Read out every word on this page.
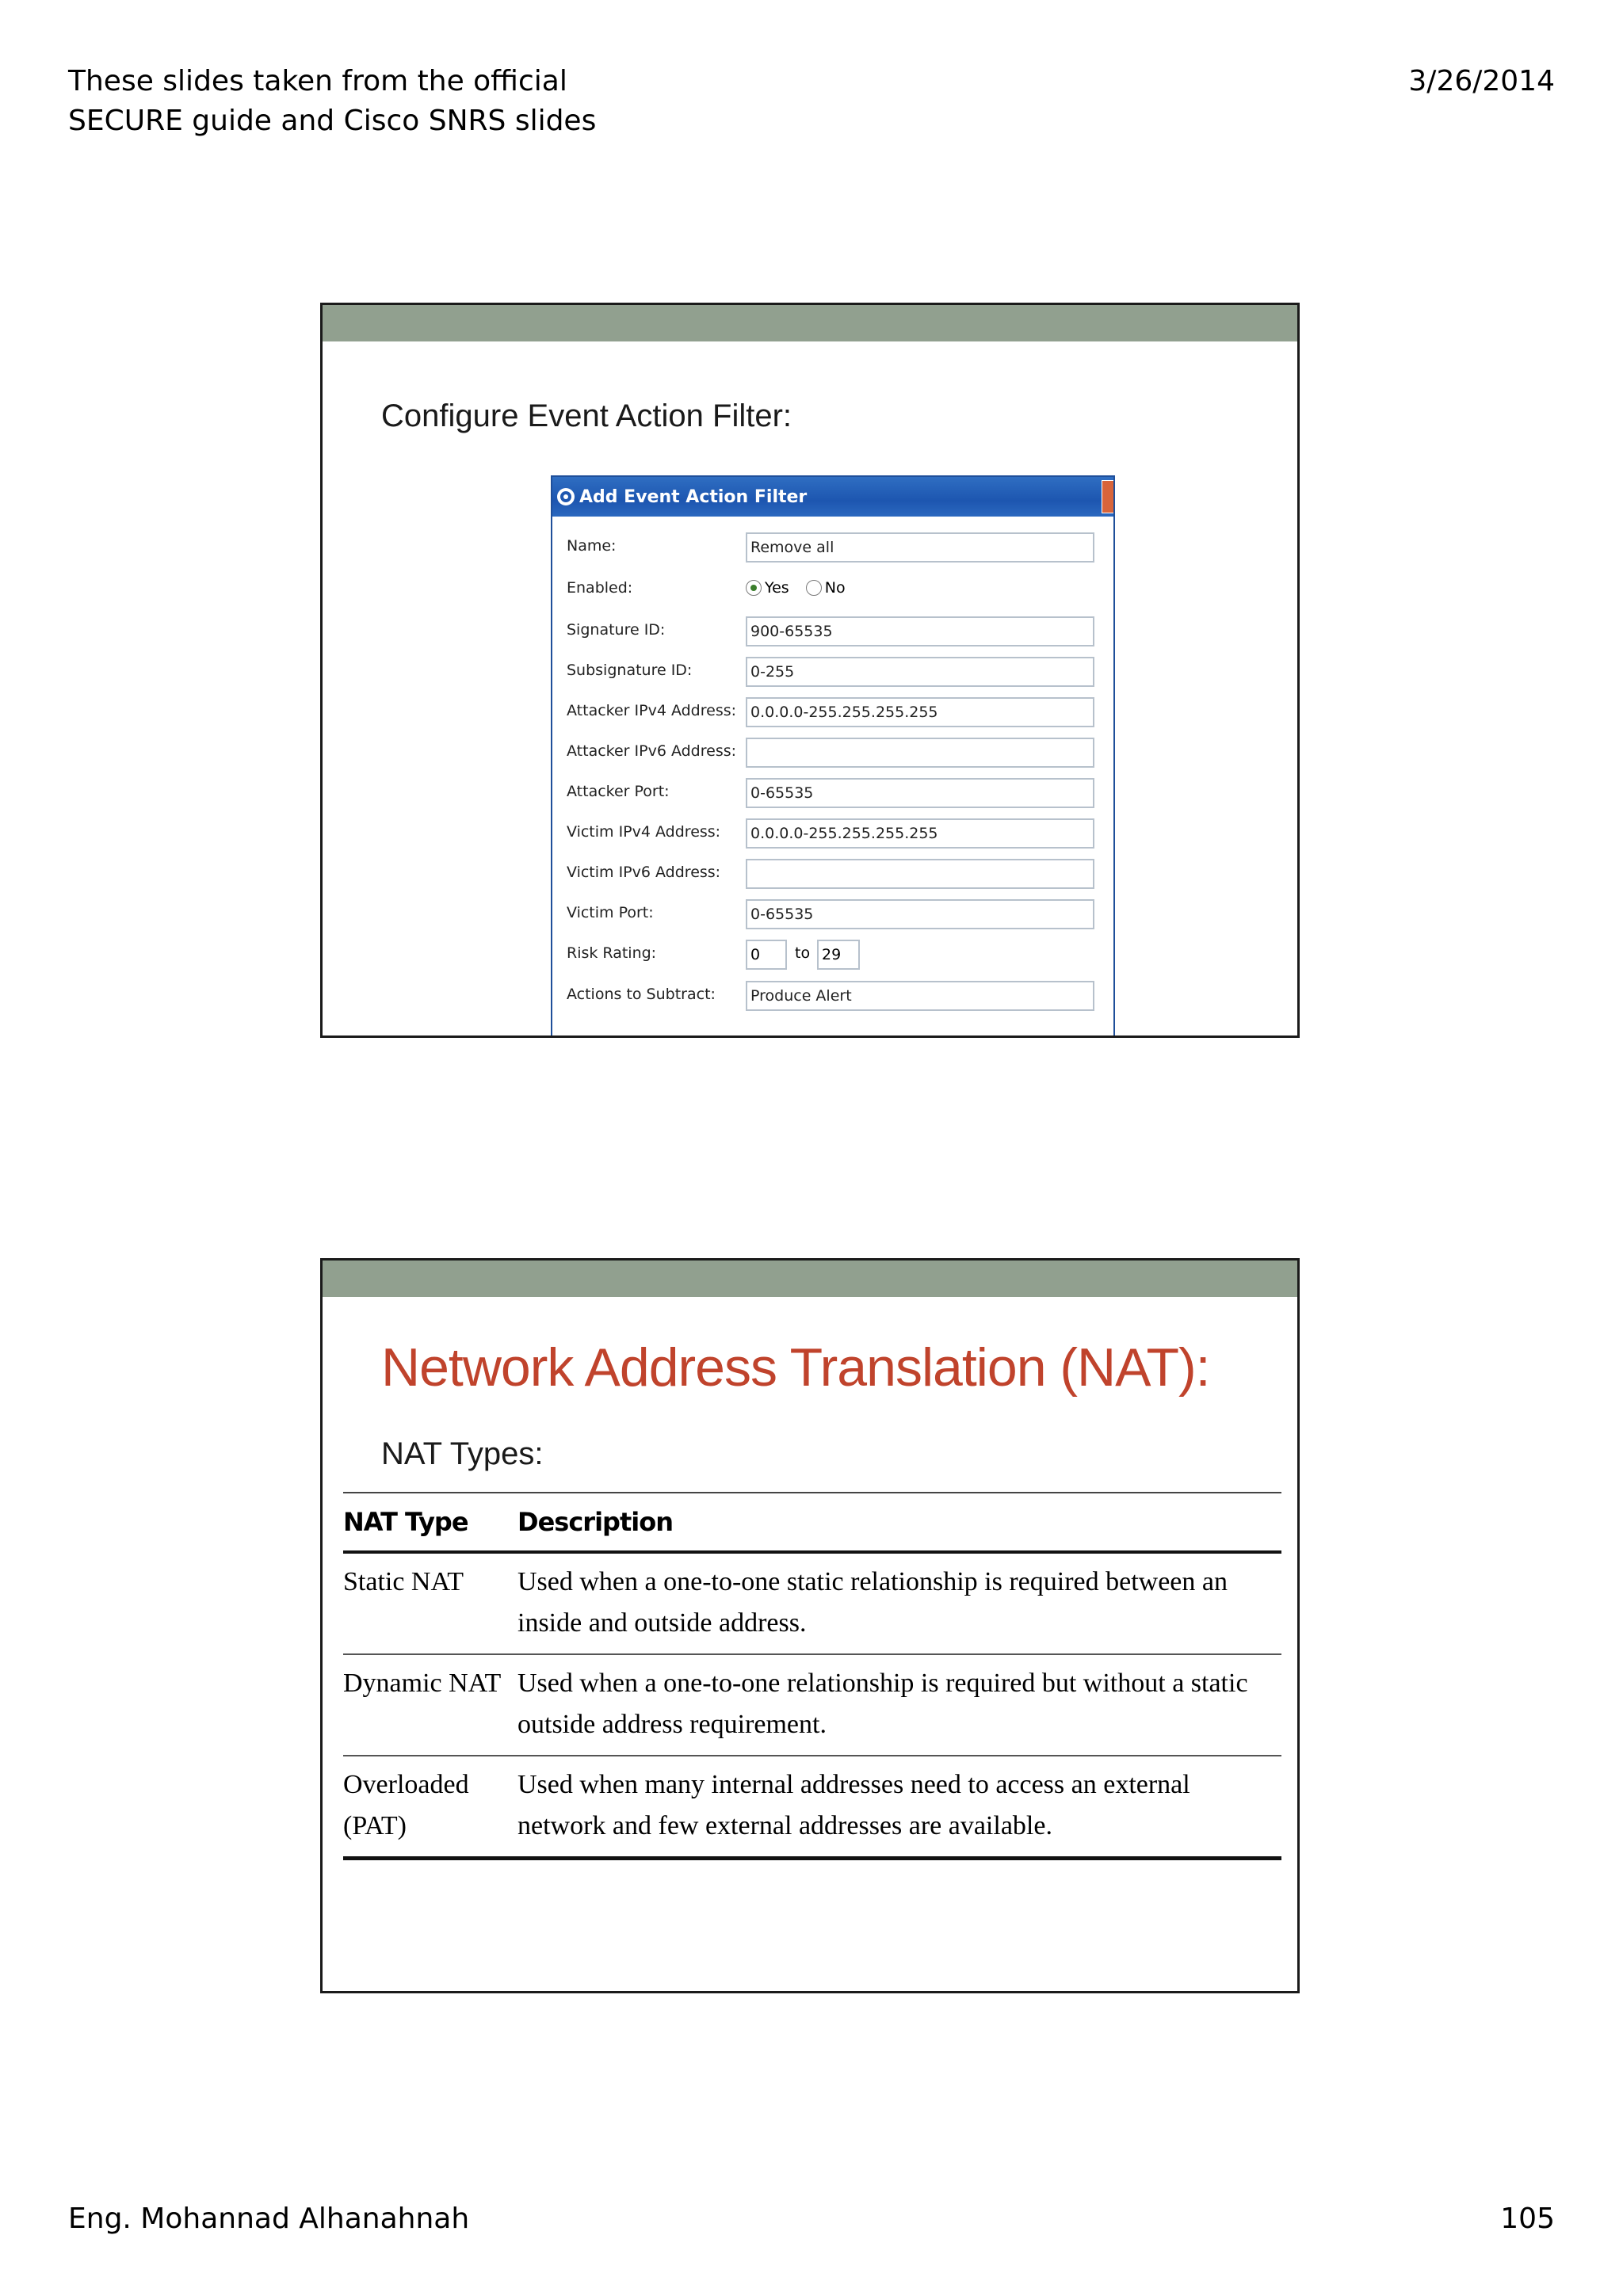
These slides taken from the official SECURE guide and Cisco SNRS slides
3/26/2014
Configure Event Action Filter:
Add Event Action Filter
Name:	Remove all
Enabled:	Yes No
Signature ID:	900-65535
Subsignature ID:	0-255
Attacker IPv4 Address: 0.0.0.0-255.255.255.255
Attacker IPv6 Address:
Attacker Port:	0-65535
Victim IPv4 Address:	0.0.0.0-255.255.255.255
Victim IPv6 Address:
Victim Port:	0-65535
Risk Rating:	0	to 29
Actions to Subtract:	Produce Alert
Network Address Translation (NAT):
NAT Types:
NAT Type	Description
Static NAT	Used when a one-to-one static relationship is required between an inside and outside address.
Dynamic NAT	Used when a one-to-one relationship is required but without a static outside address requirement.
Overloaded (PAT)	Used when many internal addresses need to access an external network and few external addresses are available.
Eng. Mohannad Alhanahnah	105
